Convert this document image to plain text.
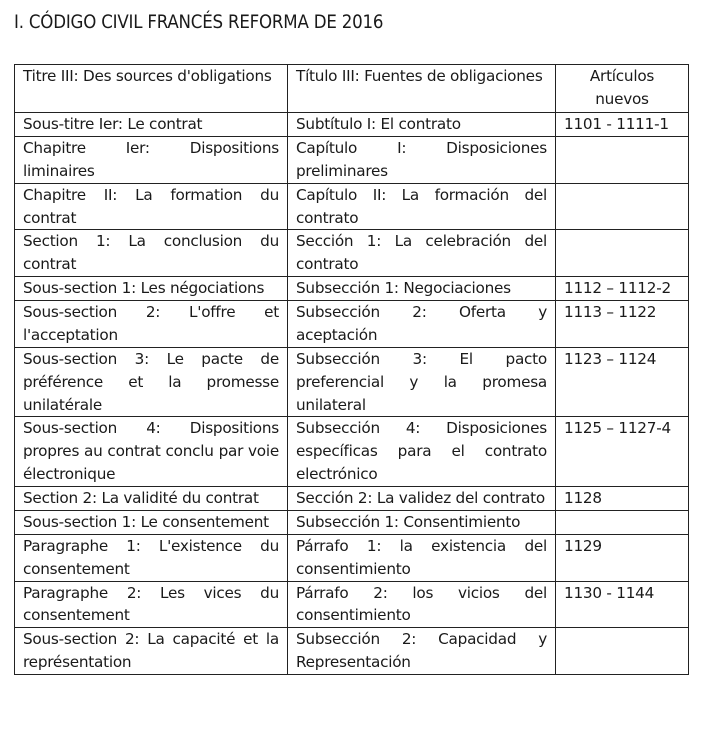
I. CÓDIGO CIVIL FRANCÉS REFORMA DE 2016
Titre III: Des sources d'obligations	Título III: Fuentes de obligaciones	Artículos nuevos
Sous-titre Ier: Le contrat	Subtítulo I: El contrato	1101 - 1111-1
Chapitre Ier: Dispositions liminaires	Capítulo I: Disposiciones preliminares	
Chapitre II: La formation du contrat	Capítulo II: La formación del contrato	
Section 1: La conclusion du contrat	Sección 1: La celebración del contrato	
Sous-section 1: Les négociations	Subsección 1: Negociaciones	1112 – 1112-2
Sous-section 2: L'offre et l'acceptation	Subsección 2: Oferta y aceptación	1113 – 1122
Sous-section 3: Le pacte de préférence et la promesse unilatérale	Subsección 3: El pacto preferencial y la promesa unilateral	1123 – 1124
Sous-section 4: Dispositions propres au contrat conclu par voie électronique	Subsección 4: Disposiciones específicas para el contrato electrónico	1125 – 1127-4
Section 2: La validité du contrat	Sección 2: La validez del contrato	1128
Sous-section 1: Le consentement	Subsección 1: Consentimiento	
Paragraphe 1: L'existence du consentement	Párrafo 1: la existencia del consentimiento	1129
Paragraphe 2: Les vices du consentement	Párrafo 2: los vicios del consentimiento	1130 - 1144
Sous-section 2: La capacité et la représentation	Subsección 2: Capacidad y Representación	
